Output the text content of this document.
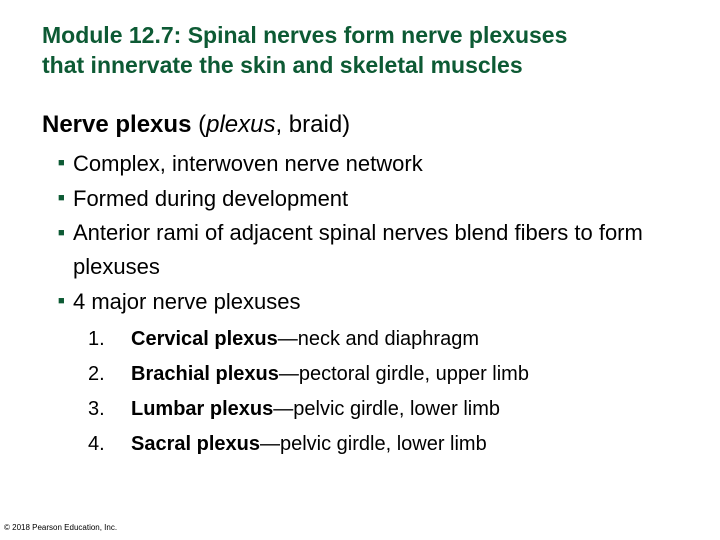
Module 12.7: Spinal nerves form nerve plexuses
that innervate the skin and skeletal muscles
Nerve plexus (plexus, braid)
■ Complex, interwoven nerve network
■ Formed during development
■ Anterior rami of adjacent spinal nerves blend fibers to form plexuses
■ 4 major nerve plexuses
1.	Cervical plexus—neck and diaphragm
2.	Brachial plexus—pectoral girdle, upper limb
3.	Lumbar plexus—pelvic girdle, lower limb
4.	Sacral plexus—pelvic girdle, lower limb
© 2018 Pearson Education, Inc.
